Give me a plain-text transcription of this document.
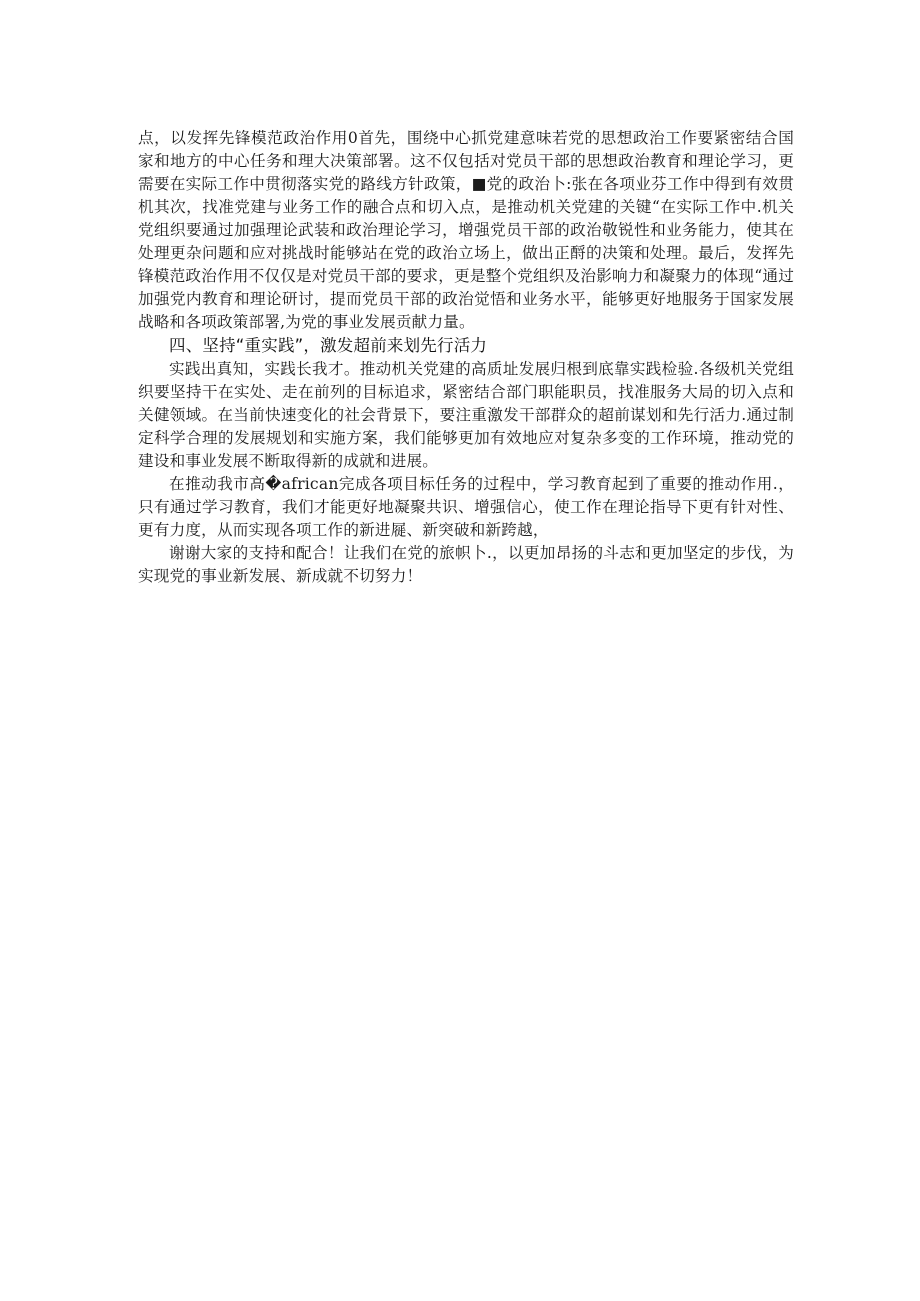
点，以发挥先锋模范政治作用0首先，围绕中心抓党建意味若党的思想政治工作要紧密结合国家和地方的中心任务和理大决策部署。这不仅包括对党员干部的思想政治教育和理论学习，更需要在实际工作中贯彻落实党的路线方针政策，■党的政治卜:张在各项业芬工作中得到有效贯机其次，找准党建与业务工作的融合点和切入点，是推动机关党建的关键“在实际工作中.机关党组织要通过加强理论武装和政治理论学习，增强党员干部的政治敬锐性和业务能力，使其在处理更杂问题和应对挑战时能够站在党的政治立场上，做出正酹的决策和处理。最后，发挥先锋模范政治作用不仅仅是对党员干部的要求，更是整个党组织及治影响力和凝聚力的体现“通过加强党内教育和理论研讨，提而党员干部的政治觉悟和业务水平，能够更好地服务于国家发展战略和各项政策部署,为党的事业发展贡献力量。

四、坚持“重实践”，激发超前来划先行活力

实践出真知，实践长我才。推动机关党建的高质址发展归根到底靠实践检验.各级机关党组织要坚持干在实处、走在前列的目标追求，紧密结合部门职能职员，找准服务大局的切入点和关健领域。在当前快速变化的社会背景下，要注重激发干部群众的超前谋划和先行活力.通过制定科学合理的发展规划和实施方案，我们能够更加有效地应对复杂多变的工作环境，推动党的建设和事业发展不断取得新的成就和进展。

在推动我市高�african完成各项目标任务的过程中，学习教育起到了重要的推动作用.，只有通过学习教育，我们才能更好地凝聚共识、增强信心，使工作在理论指导下更有针对性、更有力度，从而实现各项工作的新进屣、新突破和新跨越，

谢谢大家的支持和配合！让我们在党的旅帜卜.，以更加昂扬的斗志和更加坚定的步伐，为实现党的事业新发展、新成就不切努力！
